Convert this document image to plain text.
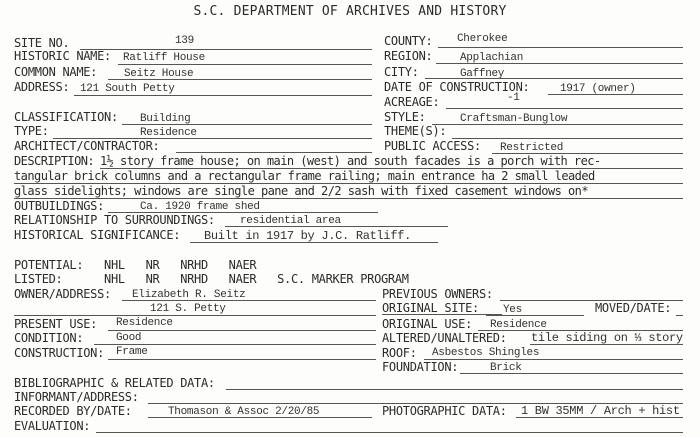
S.C. DEPARTMENT OF ARCHIVES AND HISTORY
SITE NO.	139
HISTORIC NAME: Ratliff House
COMMON NAME: Seitz House
ADDRESS: 121 South Petty
COUNTY: Cherokee
REGION:	Applachian
CITY:	Gaffney
DATE OF CONSTRUCTION:	1917 (owner)
ACREAGE:	-1
CLASSIFICATION: Building	STYLE:	Craftsman-Bunglow
TYPE:	Residence	THEME(S):
ARCHITECT/CONTRACTOR:	PUBLIC ACCESS: Restricted
DESCRIPTION: 1½ story frame house; on main (west) and south facades is a porch with rec-
tangular brick columns and a rectangular frame railing; main entrance ha 2 small leaded
glass sidelights; windows are single pane and 2/2 sash with fixed casement windows on*
OUTBUILDINGS:	Ca. 1920 frame shed
RELATIONSHIP TO SURROUNDINGS: residential area
HISTORICAL SIGNIFICANCE: Built in 1917 by J.C. Ratliff.
POTENTIAL:   NHL   NR   NRHD   NAER
LISTED:      NHL   NR   NRHD   NAER   S.C. MARKER PROGRAM
OWNER/ADDRESS: Elizabeth R. Seitz
121 S. Petty
PRESENT USE: Residence
CONDITION:	Good
CONSTRUCTION: Frame
PREVIOUS OWNERS:
ORIGINAL SITE: Yes	MOVED/DATE:
ORIGINAL USE: Residence
ALTERED/UNALTERED: tile siding on ⅓ story
ROOF: Asbestos Shingles
FOUNDATION:	Brick
BIBLIOGRAPHIC & RELATED DATA:
INFORMANT/ADDRESS:
RECORDED BY/DATE:	Thomason & Assoc 2/20/85	PHOTOGRAPHIC DATA: 1 BW 35MM / Arch + hist
EVALUATION:
